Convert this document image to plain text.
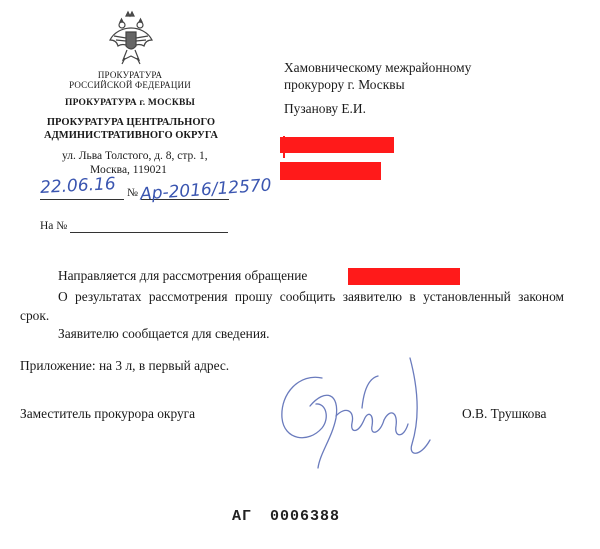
ПРОКУРАТУРА
РОССИЙСКОЙ ФЕДЕРАЦИИ
ПРОКУРАТУРА г. МОСКВЫ
ПРОКУРАТУРА ЦЕНТРАЛЬНОГО
АДМИНИСТРАТИВНОГО ОКРУГА
ул. Льва Толстого, д. 8, стр. 1,
Москва, 119021
22.06.16 № Ар-2016/12570
На №
Хамовническому межрайонному
прокурору г. Москвы
Пузанову Е.И.
Направляется для рассмотрения обращение
О результатах рассмотрения прошу сообщить заявителю в установленный законом срок.
Заявителю сообщается для сведения.
Приложение: на 3 л, в первый адрес.
Заместитель прокурора округа	О.В. Трушкова
АГ 0006388
